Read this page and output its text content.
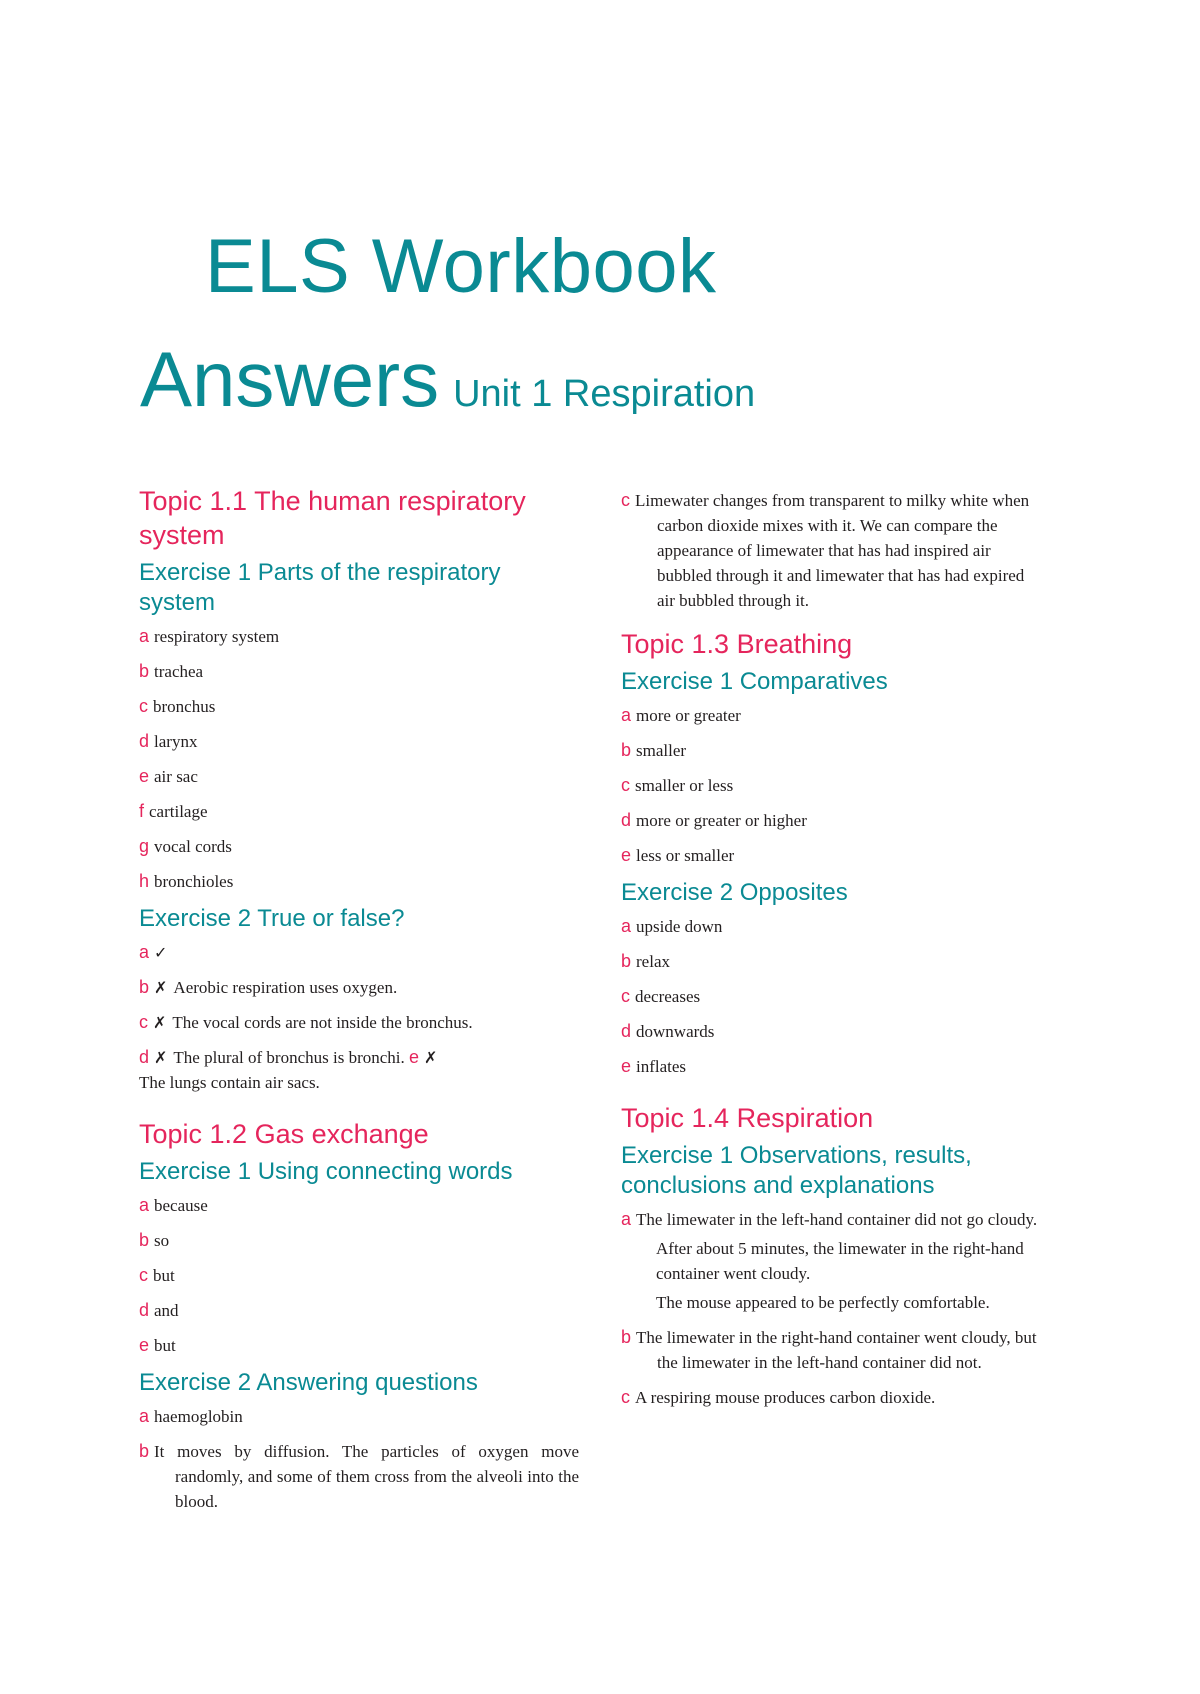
ELS Workbook
Answers Unit 1 Respiration
Topic 1.1 The human respiratory system
Exercise 1 Parts of the respiratory system

a respiratory system

b trachea

c bronchus

d larynx

e air sac

f cartilage

g vocal cords

h bronchioles

Exercise 2 True or false?

a ✓

b ✗ Aerobic respiration uses oxygen.

c ✗ The vocal cords are not inside the bronchus.

d ✗ The plural of bronchus is bronchi. e ✗
The lungs contain air sacs.

Topic 1.2 Gas exchange
Exercise 1 Using connecting words

a because

b so

c but

d and

e but

Exercise 2 Answering questions

a haemoglobin

b It moves by diffusion. The particles of oxygen move randomly, and some of them cross from the alveoli into the blood.

c Limewater changes from transparent to milky white when carbon dioxide mixes with it. We can compare the appearance of limewater that has had inspired air bubbled through it and limewater that has had expired air bubbled through it.

Topic 1.3 Breathing
Exercise 1 Comparatives

a more or greater

b smaller

c smaller or less

d more or greater or higher

e less or smaller

Exercise 2 Opposites

a upside down

b relax

c decreases

d downwards

e inflates

Topic 1.4 Respiration
Exercise 1 Observations, results, conclusions and explanations

a The limewater in the left-hand container did not go cloudy.

After about 5 minutes, the limewater in the right-hand container went cloudy.

The mouse appeared to be perfectly comfortable.

b The limewater in the right-hand container went cloudy, but the limewater in the left-hand container did not.

c A respiring mouse produces carbon dioxide.
